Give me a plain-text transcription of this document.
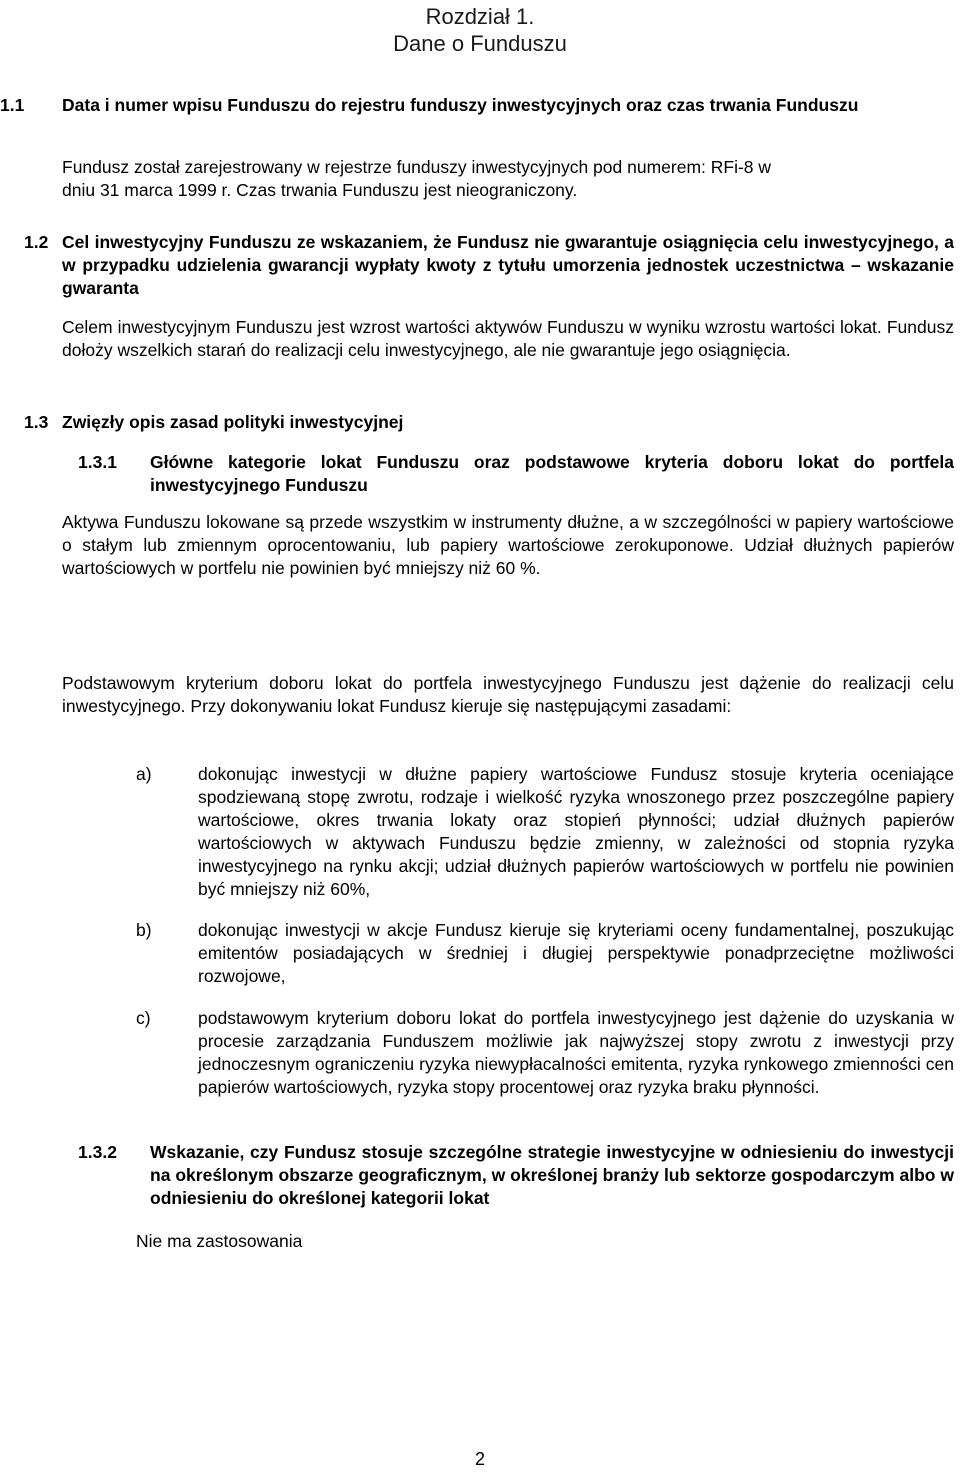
Rozdział 1.
Dane o Funduszu
1.1 Data i numer wpisu Funduszu do rejestru funduszy inwestycyjnych oraz czas trwania Funduszu
Fundusz został zarejestrowany w rejestrze funduszy inwestycyjnych pod numerem: RFi-8 w
dniu 31 marca 1999 r. Czas trwania Funduszu jest nieograniczony.
1.2 Cel inwestycyjny Funduszu ze wskazaniem, że Fundusz nie gwarantuje osiągnięcia celu inwestycyjnego, a w przypadku udzielenia gwarancji wypłaty kwoty z tytułu umorzenia jednostek uczestnictwa – wskazanie gwaranta
Celem inwestycyjnym Funduszu jest wzrost wartości aktywów Funduszu w wyniku wzrostu wartości lokat. Fundusz dołoży wszelkich starań do realizacji celu inwestycyjnego, ale nie gwarantuje jego osiągnięcia.
1.3 Zwięzły opis zasad polityki inwestycyjnej
1.3.1 Główne kategorie lokat Funduszu oraz podstawowe kryteria doboru lokat do portfela inwestycyjnego Funduszu
Aktywa Funduszu lokowane są przede wszystkim w instrumenty dłużne, a w szczególności w papiery wartościowe o stałym lub zmiennym oprocentowaniu, lub papiery wartościowe zerokuponowe. Udział dłużnych papierów wartościowych w portfelu nie powinien być mniejszy niż 60 %.
Podstawowym kryterium doboru lokat do portfela inwestycyjnego Funduszu jest dążenie do realizacji celu inwestycyjnego. Przy dokonywaniu lokat Fundusz kieruje się następującymi zasadami:
a)	dokonując inwestycji w dłużne papiery wartościowe Fundusz stosuje kryteria oceniające spodziewaną stopę zwrotu, rodzaje i wielkość ryzyka wnoszonego przez poszczególne papiery wartościowe, okres trwania lokaty oraz stopień płynności; udział dłużnych papierów wartościowych w aktywach Funduszu będzie zmienny, w zależności od stopnia ryzyka inwestycyjnego na rynku akcji; udział dłużnych papierów wartościowych w portfelu nie powinien być mniejszy niż 60%,
b)	dokonując inwestycji w akcje Fundusz kieruje się kryteriami oceny fundamentalnej, poszukując emitentów posiadających w średniej i długiej perspektywie ponadprzeciętne możliwości rozwojowe,
c)	podstawowym kryterium doboru lokat do portfela inwestycyjnego jest dążenie do uzyskania w procesie zarządzania Funduszem możliwie jak najwyższej stopy zwrotu z inwestycji przy jednoczesnym ograniczeniu ryzyka niewypłacalności emitenta, ryzyka rynkowego zmienności cen papierów wartościowych, ryzyka stopy procentowej oraz ryzyka braku płynności.
1.3.2 Wskazanie, czy Fundusz stosuje szczególne strategie inwestycyjne w odniesieniu do inwestycji na określonym obszarze geograficznym, w określonej branży lub sektorze gospodarczym albo w odniesieniu do określonej kategorii lokat
Nie ma zastosowania
2
